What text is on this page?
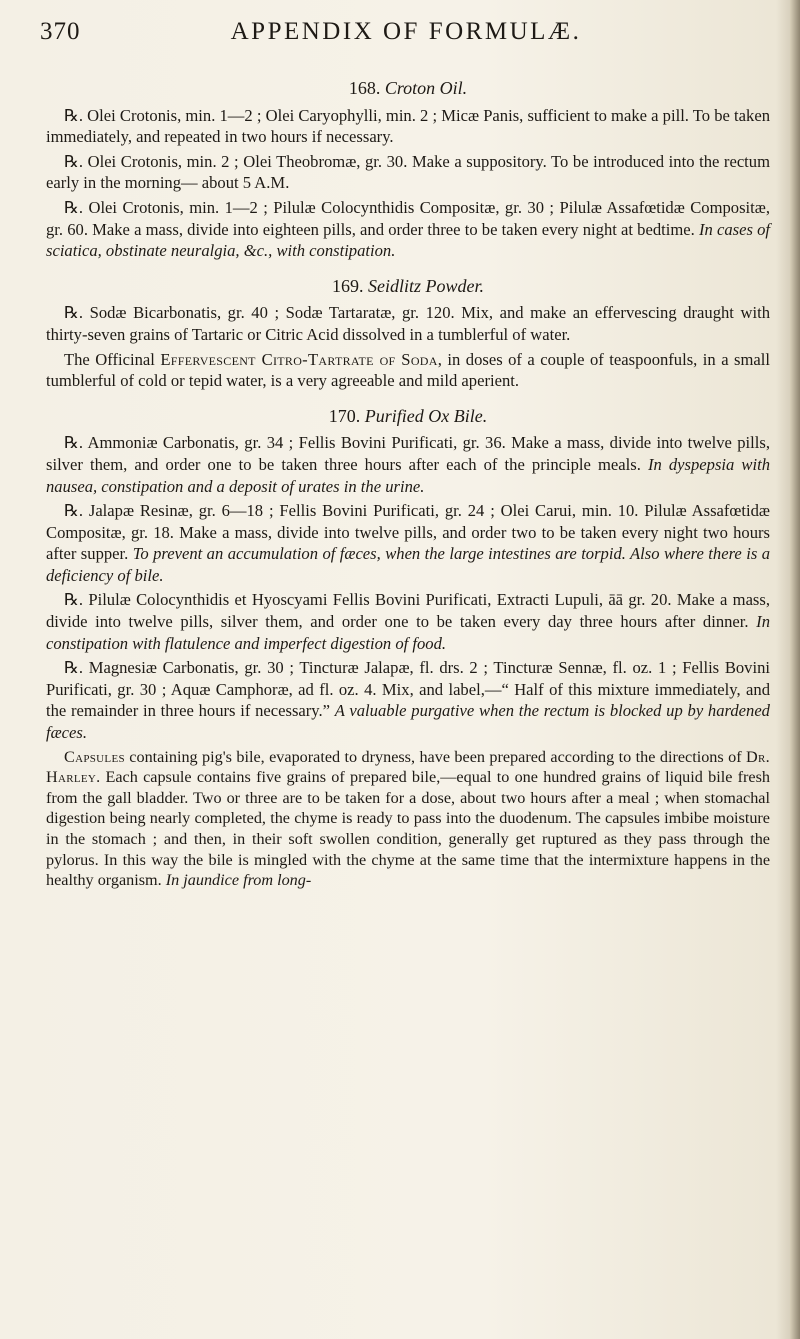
370	APPENDIX OF FORMULÆ.
168. Croton Oil.

℞. Olei Crotonis, min. 1—2 ; Olei Caryophylli, min. 2 ; Micæ Panis, sufficient to make a pill. To be taken immediately, and repeated in two hours if necessary.

℞. Olei Crotonis, min. 2 ; Olei Theobromæ, gr. 30. Make a suppository. To be introduced into the rectum early in the morning— about 5 A.M.

℞. Olei Crotonis, min. 1—2 ; Pilulæ Colocynthidis Compositæ, gr. 30 ; Pilulæ Assafœtidæ Compositæ, gr. 60. Make a mass, divide into eighteen pills, and order three to be taken every night at bedtime. In cases of sciatica, obstinate neuralgia, &c., with constipation.

169. Seidlitz Powder.

℞. Sodæ Bicarbonatis, gr. 40 ; Sodæ Tartaratæ, gr. 120. Mix, and make an effervescing draught with thirty-seven grains of Tartaric or Citric Acid dissolved in a tumblerful of water.

The Officinal Effervescent Citro-Tartrate of Soda, in doses of a couple of teaspoonfuls, in a small tumblerful of cold or tepid water, is a very agreeable and mild aperient.

170. Purified Ox Bile.

℞. Ammoniæ Carbonatis, gr. 34 ; Fellis Bovini Purificati, gr. 36. Make a mass, divide into twelve pills, silver them, and order one to be taken three hours after each of the principle meals. In dyspepsia with nausea, constipation and a deposit of urates in the urine.

℞. Jalapæ Resinæ, gr. 6—18 ; Fellis Bovini Purificati, gr. 24 ; Olei Carui, min. 10. Pilulæ Assafœtidæ Compositæ, gr. 18. Make a mass, divide into twelve pills, and order two to be taken every night two hours after supper. To prevent an accumulation of fæces, when the large intestines are torpid. Also where there is a deficiency of bile.

℞. Pilulæ Colocynthidis et Hyoscyami Fellis Bovini Purificati, Extracti Lupuli, āā gr. 20. Make a mass, divide into twelve pills, silver them, and order one to be taken every day three hours after dinner. In constipation with flatulence and imperfect digestion of food.

℞. Magnesiæ Carbonatis, gr. 30 ; Tincturæ Jalapæ, fl. drs. 2 ; Tincturæ Sennæ, fl. oz. 1 ; Fellis Bovini Purificati, gr. 30 ; Aquæ Camphoræ, ad fl. oz. 4. Mix, and label,—“ Half of this mixture immediately, and the remainder in three hours if necessary.” A valuable purgative when the rectum is blocked up by hardened fæces.

Capsules containing pig's bile, evaporated to dryness, have been prepared according to the directions of Dr. Harley. Each capsule contains five grains of prepared bile,—equal to one hundred grains of liquid bile fresh from the gall bladder. Two or three are to be taken for a dose, about two hours after a meal ; when stomachal digestion being nearly completed, the chyme is ready to pass into the duodenum. The capsules imbibe moisture in the stomach ; and then, in their soft swollen condition, generally get ruptured as they pass through the pylorus. In this way the bile is mingled with the chyme at the same time that the intermixture happens in the healthy organism. In jaundice from long-
